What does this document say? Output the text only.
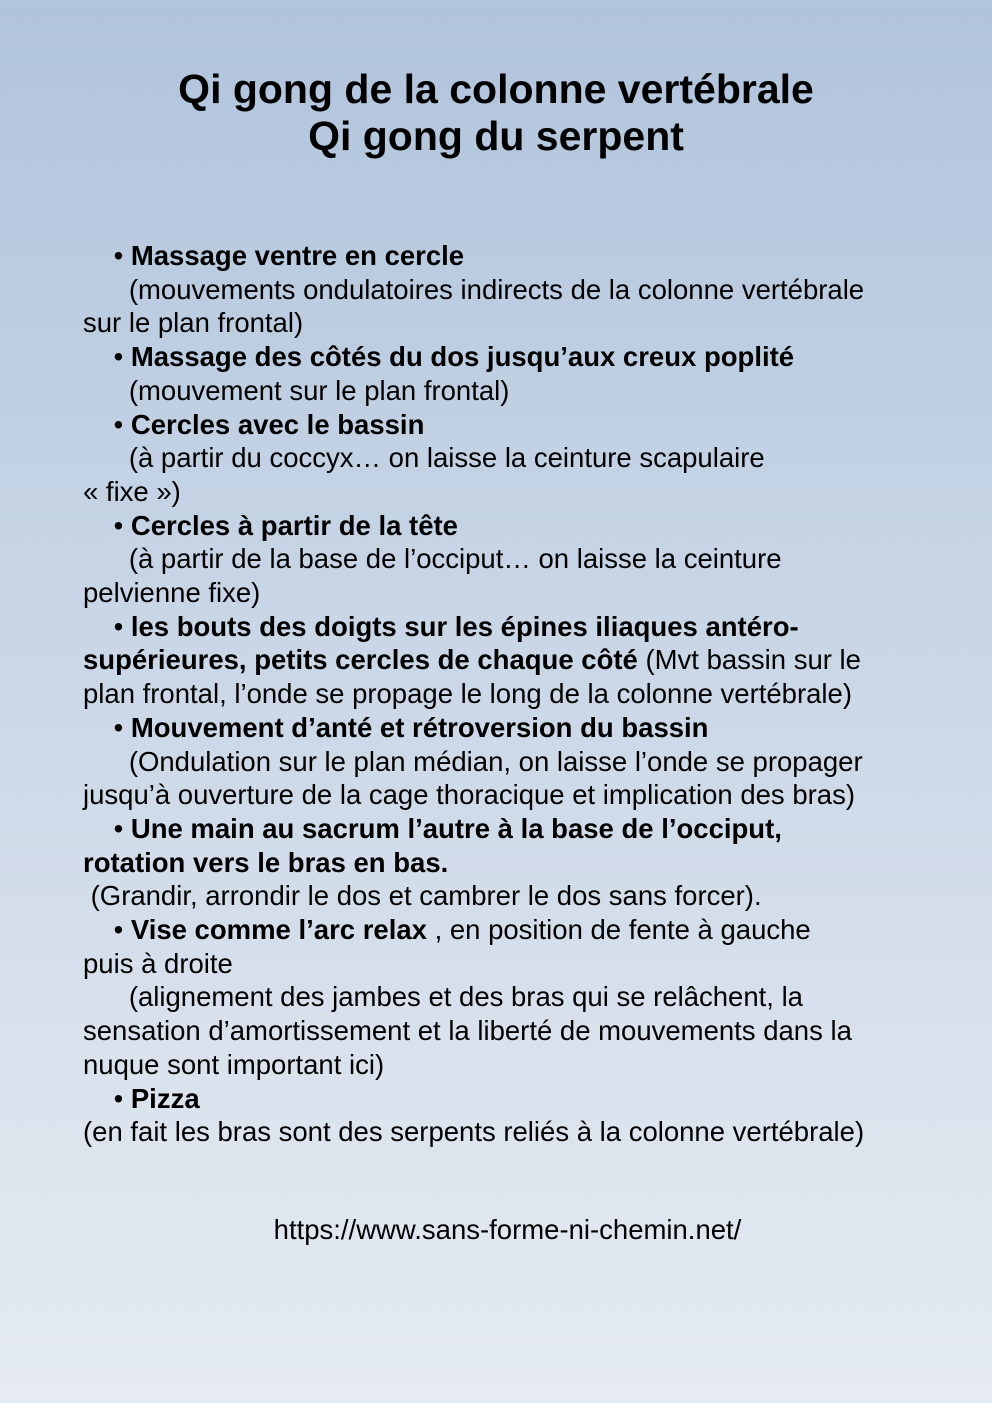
Qi gong de la colonne vertébrale
Qi gong du serpent

• Massage ventre en cercle

(mouvements ondulatoires indirects de la colonne vertébrale

sur le plan frontal)

• Massage des côtés du dos jusqu’aux creux poplité

(mouvement sur le plan frontal)

• Cercles avec le bassin

(à partir du coccyx… on laisse la ceinture scapulaire

« fixe »)

• Cercles à partir de la tête

(à partir de la base de l’occiput… on laisse la ceinture

pelvienne fixe)

• les bouts des doigts sur les épines iliaques antéro-

supérieures, petits cercles de chaque côté (Mvt bassin sur le

plan frontal, l’onde se propage le long de la colonne vertébrale)

• Mouvement d’anté et rétroversion du bassin

(Ondulation sur le plan médian, on laisse l’onde se propager

jusqu’à ouverture de la cage thoracique et implication des bras)

• Une main au sacrum l’autre à la base de l’occiput,

rotation vers le bras en bas.

(Grandir, arrondir le dos et cambrer le dos sans forcer).

• Vise comme l’arc relax , en position de fente à gauche

puis à droite

(alignement des jambes et des bras qui se relâchent, la

sensation d’amortissement et la liberté de mouvements dans la

nuque sont important ici)

• Pizza

(en fait les bras sont des serpents reliés à la colonne vertébrale)

https://www.sans-forme-ni-chemin.net/
